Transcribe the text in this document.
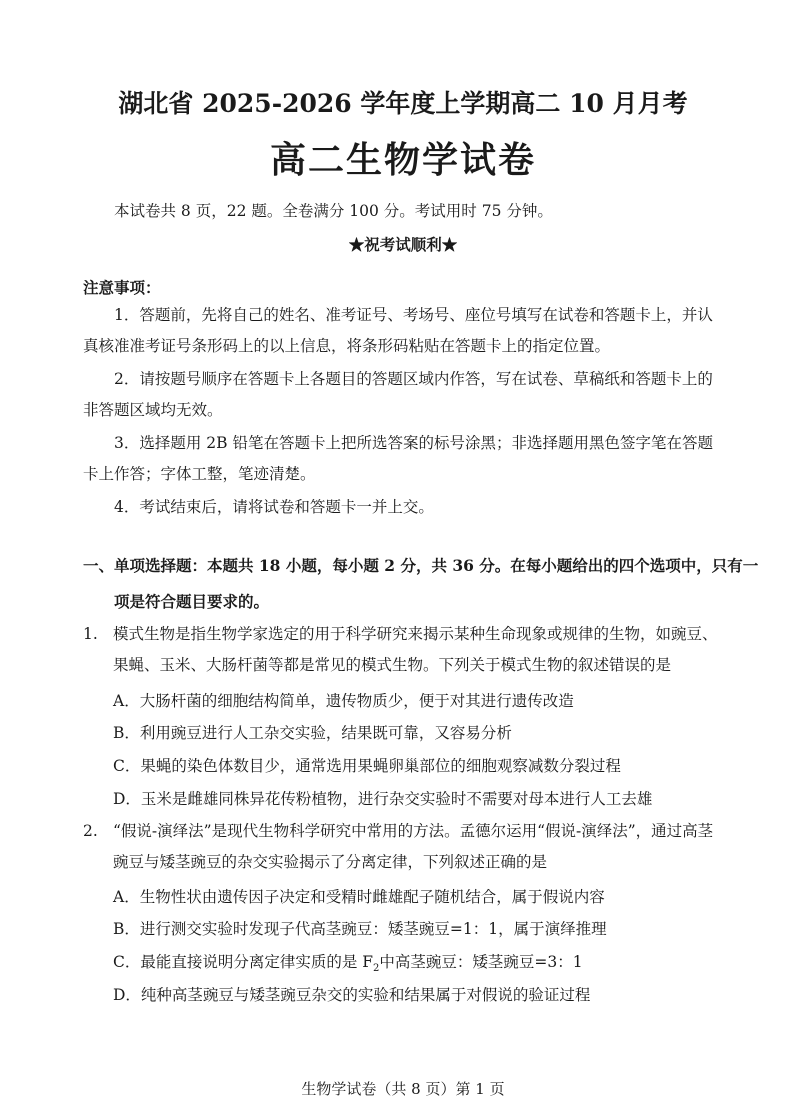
湖北省 2025-2026 学年度上学期高二 10 月月考
高二生物学试卷
本试卷共 8 页，22 题。全卷满分 100 分。考试用时 75 分钟。
★祝考试顺利★
注意事项：
1．答题前，先将自己的姓名、准考证号、考场号、座位号填写在试卷和答题卡上，并认真核准准考证号条形码上的以上信息，将条形码粘贴在答题卡上的指定位置。
2．请按题号顺序在答题卡上各题目的答题区域内作答，写在试卷、草稿纸和答题卡上的非答题区域均无效。
3．选择题用 2B 铅笔在答题卡上把所选答案的标号涂黑；非选择题用黑色签字笔在答题卡上作答；字体工整，笔迹清楚。
4．考试结束后，请将试卷和答题卡一并上交。
一、单项选择题：本题共 18 小题，每小题 2 分，共 36 分。在每小题给出的四个选项中，只有一
项是符合题目要求的。
1. 模式生物是指生物学家选定的用于科学研究来揭示某种生命现象或规律的生物，如豌豆、果蝇、玉米、大肠杆菌等都是常见的模式生物。下列关于模式生物的叙述错误的是
A．大肠杆菌的细胞结构简单，遗传物质少，便于对其进行遗传改造
B．利用豌豆进行人工杂交实验，结果既可靠，又容易分析
C．果蝇的染色体数目少，通常选用果蝇卵巢部位的细胞观察减数分裂过程
D．玉米是雌雄同株异花传粉植物，进行杂交实验时不需要对母本进行人工去雄
2. “假说-演绎法”是现代生物科学研究中常用的方法。孟德尔运用“假说-演绎法”，通过高茎豌豆与矮茎豌豆的杂交实验揭示了分离定律，下列叙述正确的是
A．生物性状由遗传因子决定和受精时雌雄配子随机结合，属于假说内容
B．进行测交实验时发现子代高茎豌豆：矮茎豌豆=1：1，属于演绎推理
C．最能直接说明分离定律实质的是 $F_2$中高茎豌豆：矮茎豌豆=3：1
D．纯种高茎豌豆与矮茎豌豆杂交的实验和结果属于对假说的验证过程
生物学试卷（共 8 页）第 1 页
